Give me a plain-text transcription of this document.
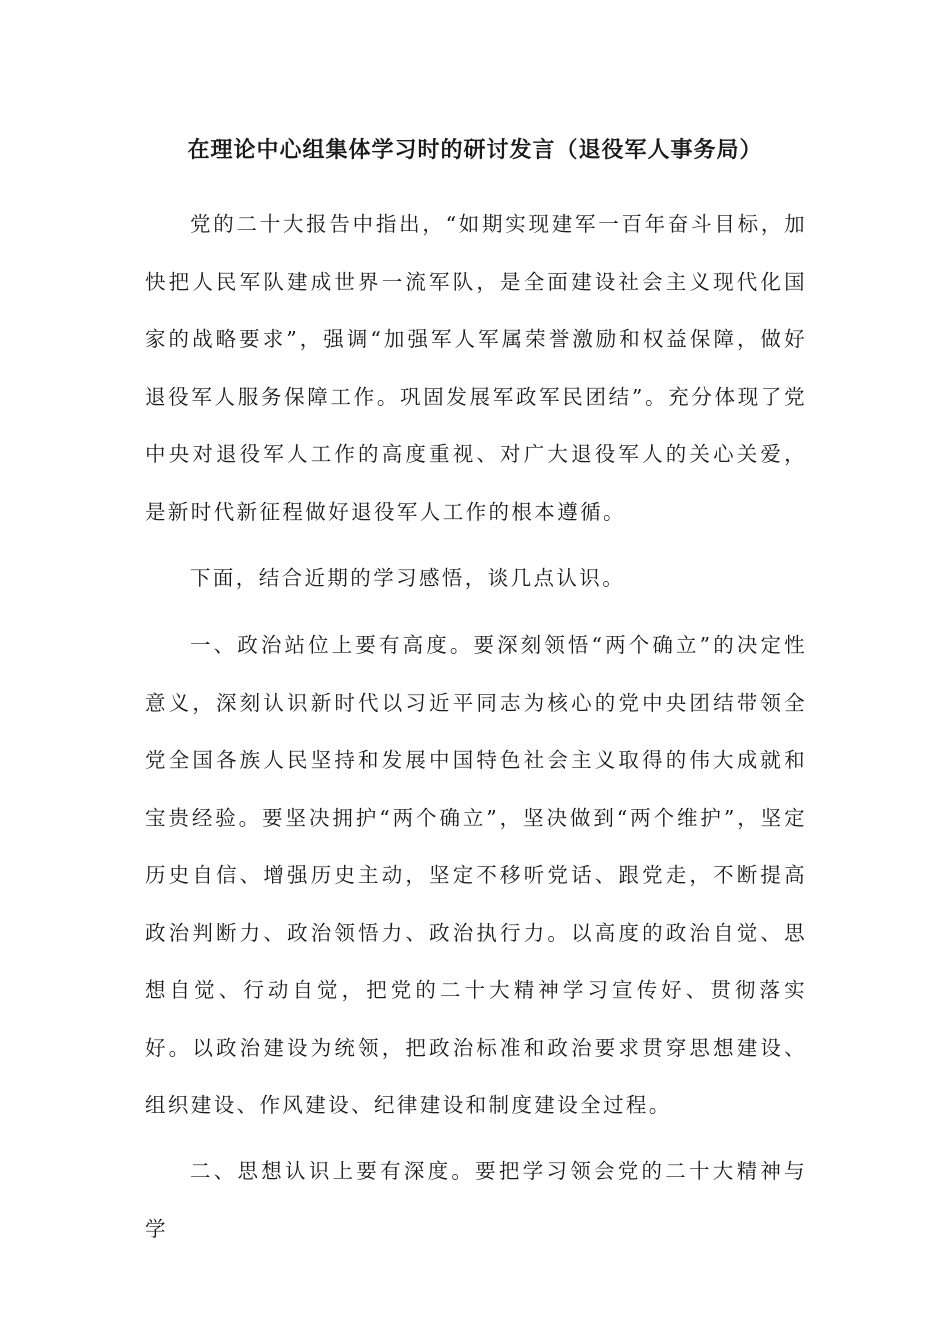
在理论中心组集体学习时的研讨发言（退役军人事务局）

党的二十大报告中指出，“如期实现建军一百年奋斗目标，加快把人民军队建成世界一流军队，是全面建设社会主义现代化国家的战略要求”，强调“加强军人军属荣誉激励和权益保障，做好退役军人服务保障工作。巩固发展军政军民团结”。充分体现了党中央对退役军人工作的高度重视、对广大退役军人的关心关爱，是新时代新征程做好退役军人工作的根本遵循。

下面，结合近期的学习感悟，谈几点认识。

一、政治站位上要有高度。要深刻领悟“两个确立”的决定性意义，深刻认识新时代以习近平同志为核心的党中央团结带领全党全国各族人民坚持和发展中国特色社会主义取得的伟大成就和宝贵经验。要坚决拥护“两个确立”，坚决做到“两个维护”，坚定历史自信、增强历史主动，坚定不移听党话、跟党走，不断提高政治判断力、政治领悟力、政治执行力。以高度的政治自觉、思想自觉、行动自觉，把党的二十大精神学习宣传好、贯彻落实好。以政治建设为统领，把政治标准和政治要求贯穿思想建设、组织建设、作风建设、纪律建设和制度建设全过程。

二、思想认识上要有深度。要把学习领会党的二十大精神与学
